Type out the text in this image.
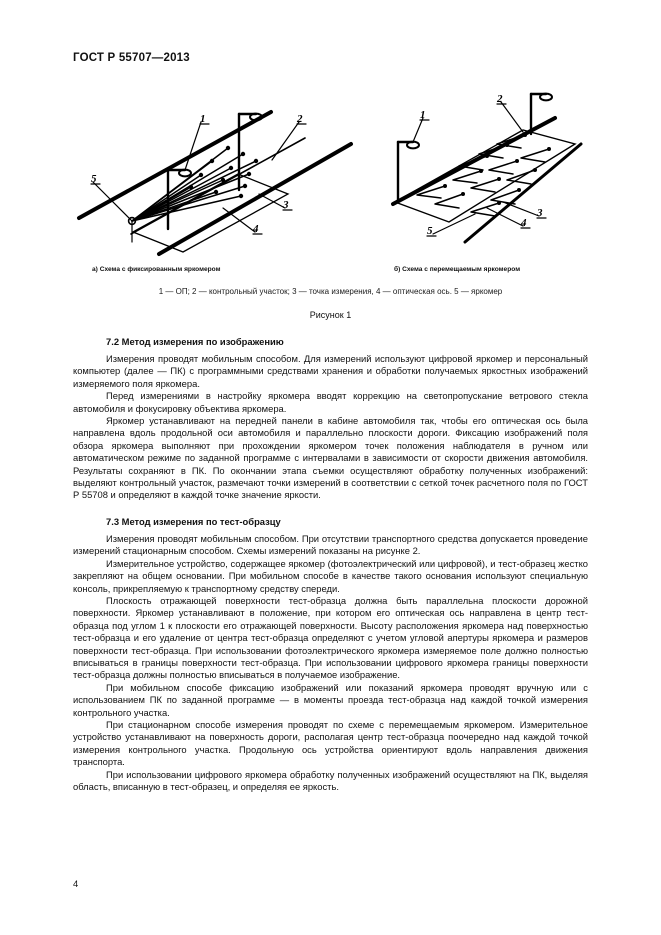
ГОСТ Р 55707—2013
1	2
3
4
5
1
2
3
4
5
а) Схема с фиксированным яркомером	б) Схема с перемещаемым яркомером
1 — ОП; 2 — контрольный участок; 3 — точка измерения, 4 — оптическая ось. 5 — яркомер
Рисунок 1
7.2 Метод измерения по изображению

Измерения проводят мобильным способом. Для измерений используют цифровой яркомер и персональный компьютер (далее — ПК) с программными средствами хранения и обработки получаемых яркостных изображений измеряемого поля яркомера.

Перед измерениями в настройку яркомера вводят коррекцию на светопропускание ветрового стекла автомобиля и фокусировку объектива яркомера.

Яркомер устанавливают на передней панели в кабине автомобиля так, чтобы его оптическая ось была направлена вдоль продольной оси автомобиля и параллельно плоскости дороги. Фиксацию изображений поля обзора яркомера выполняют при прохождении яркомером точек положения наблюдателя в ручном или автоматическом режиме по заданной программе с интервалами в зависимости от скорости движения автомобиля. Результаты сохраняют в ПК. По окончании этапа съемки осуществляют обработку полученных изображений: выделяют контрольный участок, размечают точки измерений в соответствии с сеткой точек расчетного поля по ГОСТ Р 55708 и определяют в каждой точке значение яркости.

7.3 Метод измерения по тест-образцу

Измерения проводят мобильным способом. При отсутствии транспортного средства допускается проведение измерений стационарным способом. Схемы измерений показаны на рисунке 2.

Измерительное устройство, содержащее яркомер (фотоэлектрический или цифровой), и тест-образец жестко закрепляют на общем основании. При мобильном способе в качестве такого основания используют специальную консоль, прикрепляемую к транспортному средству спереди.

Плоскость отражающей поверхности тест-образца должна быть параллельна плоскости дорожной поверхности. Яркомер устанавливают в положение, при котором его оптическая ось направлена в центр тест-образца под углом 1 к плоскости его отражающей поверхности. Высоту расположения яркомера над поверхностью тест-образца и его удаление от центра тест-образца определяют с учетом угловой апертуры яркомера и размеров поверхности тест-образца. При использовании фотоэлектрического яркомера измеряемое поле должно полностью вписываться в границы поверхности тест-образца. При использовании цифрового яркомера границы поверхности тест-образца должны полностью вписываться в получаемое изображение.

При мобильном способе фиксацию изображений или показаний яркомера проводят вручную или с использованием ПК по заданной программе — в моменты проезда тест-образца над каждой точкой измерения контрольного участка.

При стационарном способе измерения проводят по схеме с перемещаемым яркомером. Измерительное устройство устанавливают на поверхность дороги, располагая центр тест-образца поочередно над каждой точкой измерения контрольного участка. Продольную ось устройства ориентируют вдоль направления движения транспорта.

При использовании цифрового яркомера обработку полученных изображений осуществляют на ПК, выделяя область, вписанную в тест-образец, и определяя ее яркость.

4
